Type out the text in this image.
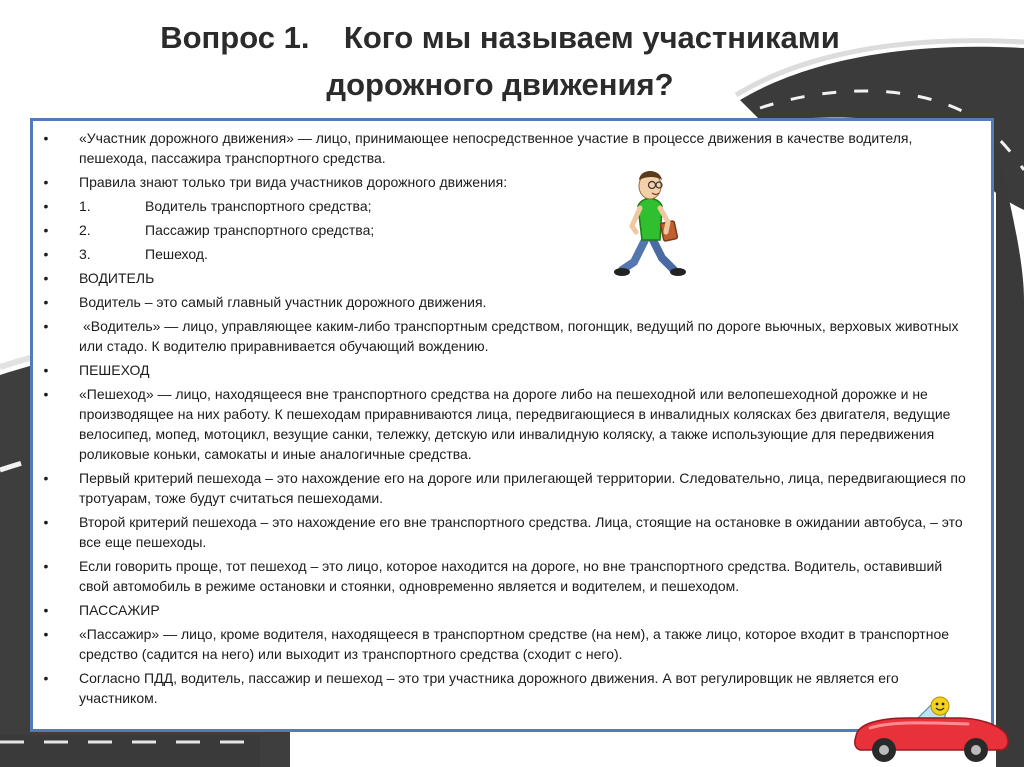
Вопрос 1.    Кого мы называем участниками
дорожного движения?
•	«Участник дорожного движения» — лицо, принимающее непосредственное участие в процессе движения в качестве водителя, пешехода, пассажира транспортного средства.
•	Правила знают только три вида участников дорожного движения:
•	1.	Водитель транспортного средства;
•	2.	Пассажир транспортного средства;
•	3.	Пешеход.
•	ВОДИТЕЛЬ
•	Водитель – это самый главный участник дорожного движения.
•	«Водитель» — лицо, управляющее каким-либо транспортным средством, погонщик, ведущий по дороге вьючных, верховых животных или стадо. К водителю приравнивается обучающий вождению.
•	ПЕШЕХОД
•	«Пешеход» — лицо, находящееся вне транспортного средства на дороге либо на пешеходной или велопешеходной дорожке и не производящее на них работу. К пешеходам приравниваются лица, передвигающиеся в инвалидных колясках без двигателя, ведущие велосипед, мопед, мотоцикл, везущие санки, тележку, детскую или инвалидную коляску, а также использующие для передвижения роликовые коньки, самокаты и иные аналогичные средства.
•	Первый критерий пешехода – это нахождение его на дороге или прилегающей территории. Следовательно, лица, передвигающиеся по тротуарам, тоже будут считаться пешеходами.
•	Второй критерий пешехода – это нахождение его вне транспортного средства. Лица, стоящие на остановке в ожидании автобуса, – это все еще пешеходы.
•	Если говорить проще, тот пешеход – это лицо, которое находится на дороге, но вне транспортного средства. Водитель, оставивший свой автомобиль в режиме остановки и стоянки, одновременно является и водителем, и пешеходом.
•	ПАССАЖИР
•	«Пассажир» — лицо, кроме водителя, находящееся в транспортном средстве (на нем), а также лицо, которое входит в транспортное средство (садится на него) или выходит из транспортного средства (сходит с него).
•	Согласно ПДД, водитель, пассажир и пешеход – это три участника дорожного движения. А вот регулировщик не является его участником.
